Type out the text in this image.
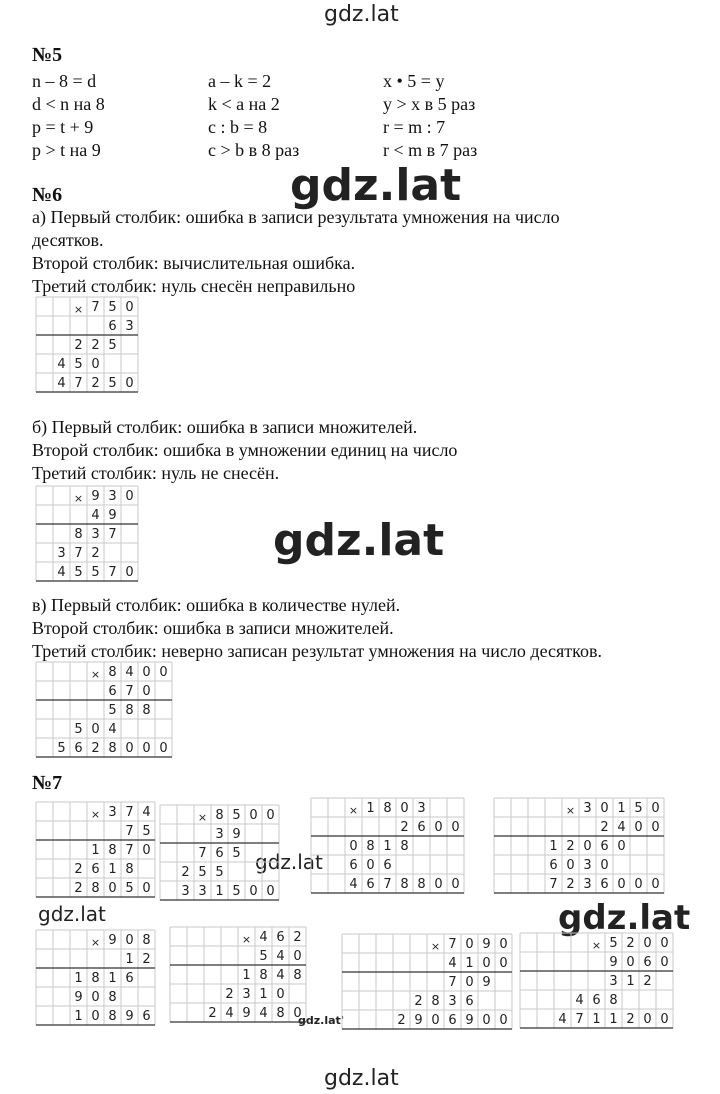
gdz.lat
gdz.lat
gdz.lat
gdz.lat
gdz.lat	gdz.lat
gdz.lat'
gdz.lat
№5
n – 8 = d
d < n на 8
p = t + 9
p > t на 9
a – k = 2
k < a на 2
c : b = 8
c > b в 8 раз
x • 5 = y
y > x в 5 раз
r = m : 7
r < m в 7 раз
№6
а) Первый столбик: ошибка в записи результата умножения на число
десятков.
Второй столбик: вычислительная ошибка.
Третий столбик: нуль снесён неправильно
б) Первый столбик: ошибка в записи множителей.
Второй столбик: ошибка в умножении единиц на число
Третий столбик: нуль не снесён.
в) Первый столбик: ошибка в количестве нулей.
Второй столбик: ошибка в записи множителей.
Третий столбик: неверно записан результат умножения на число десятков.
№7
× 7 5 0
6 3
2 2 5
4 5 0
4 7 2 5 0
× 9 3 0
4 9
8 3 7
3 7 2
4 5 5 7 0
× 8 4 0 0
6 7 0
5 8 8
5 0 4
5 6 2 8 0 0 0
× 3 7 4
7 5
1 8 7 0
2 6 1 8
2 8 0 5 0
× 8 5 0 0
3 9
7 6 5
2 5 5
3 3 1 5 0 0
× 1 8 0 3
2 6 0 0
0 8 1 8
6 0 6
4 6 7 8 8 0 0
× 3 0 1 5 0
2 4 0 0
1 2 0 6 0
6 0 3 0
7 2 3 6 0 0 0
× 9 0 8
1 2
1 8 1 6
9 0 8
1 0 8 9 6
× 4 6 2
5 4 0
1 8 4 8
2 3 1 0
2 4 9 4 8 0
× 7 0 9 0
4 1 0 0
7 0 9
2 8 3 6
2 9 0 6 9 0 0
× 5 2 0 0
9 0 6 0
3 1 2
4 6 8
4 7 1 1 2 0 0
